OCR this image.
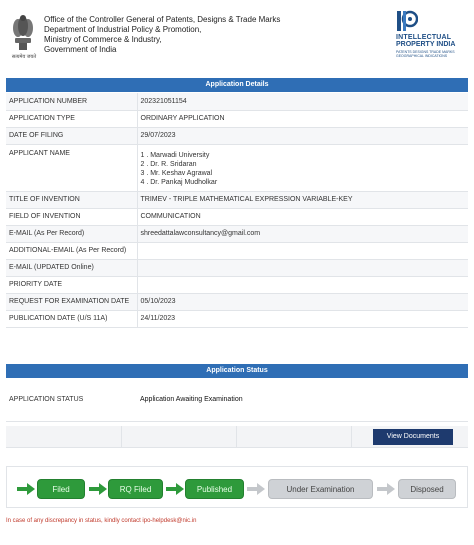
सत्यमेव जयते
Office of the Controller General of Patents, Designs & Trade Marks
Department of Industrial Policy & Promotion,
Ministry of Commerce & Industry,
Government of India
INTELLECTUAL
PROPERTY INDIA
PATENTS DESIGNS TRADE MARKS
GEOGRAPHICAL INDICATIONS
Application Details
APPLICATION NUMBER	202321051154
APPLICATION TYPE	ORDINARY APPLICATION
DATE OF FILING	29/07/2023
APPLICANT NAME	1 . Marwadi University
2 . Dr. R. Sridaran
3 . Mr. Keshav Agrawal
4 . Dr. Pankaj Mudholkar

TITLE OF INVENTION	TRIMEV - TRIPLE MATHEMATICAL EXPRESSION VARIABLE-KEY
FIELD OF INVENTION	COMMUNICATION
E-MAIL (As Per Record)	shreedattalawconsultancy@gmail.com
ADDITIONAL-EMAIL (As Per Record)	
E-MAIL (UPDATED Online)	
PRIORITY DATE	
REQUEST FOR EXAMINATION DATE	05/10/2023
PUBLICATION DATE (U/S 11A)	24/11/2023
Application Status
APPLICATION STATUS	Application Awaiting Examination
View Documents
Filed	RQ Filed	Published	Under Examination	Disposed
In case of any discrepancy in status, kindly contact ipo-helpdesk@nic.in
